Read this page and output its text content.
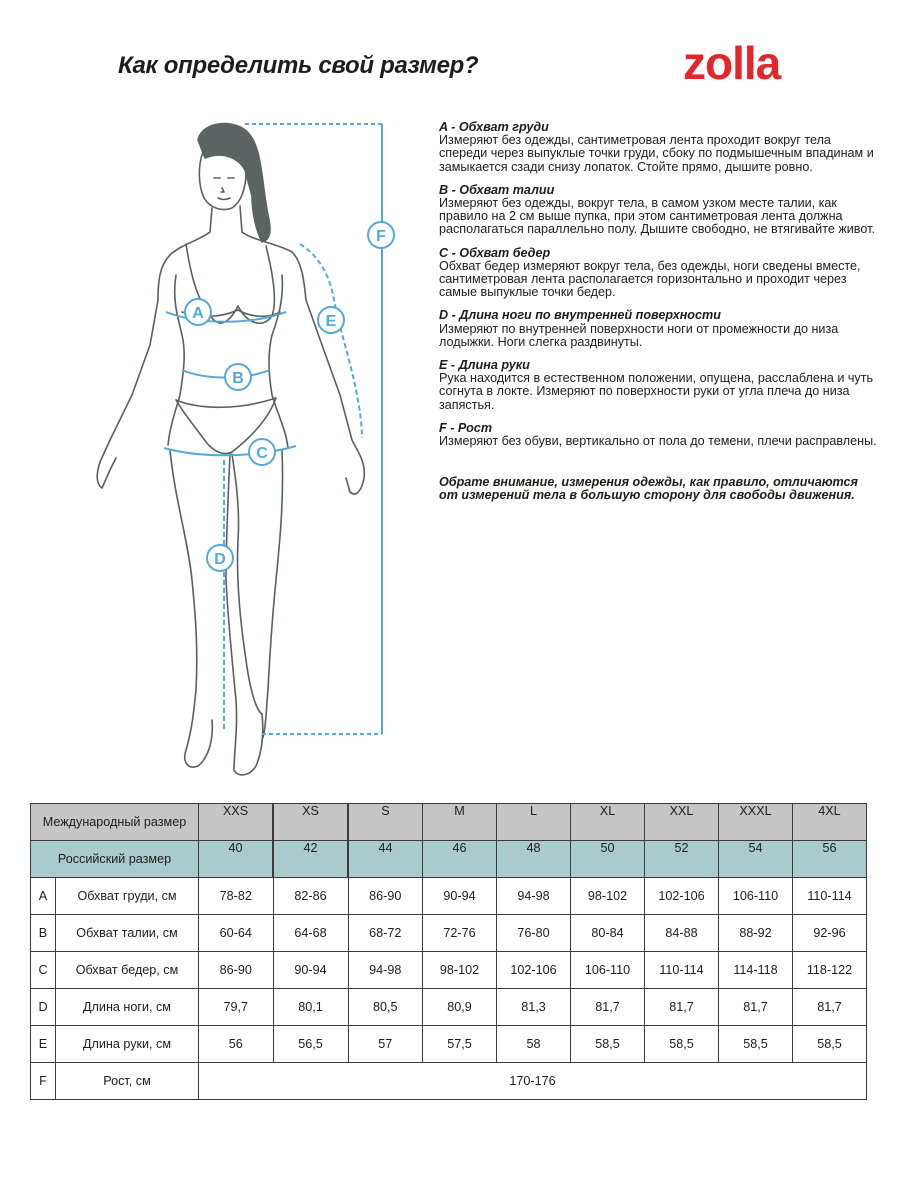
Как определить свой размер?	zolla
A
B
C
D
E
F
A - Обхват груди
Измеряют без одежды, сантиметровая лента проходит вокруг тела спереди через выпуклые точки груди, сбоку по подмышечным впадинам и замыкается сзади снизу лопаток. Стойте прямо, дышите ровно.
B - Обхват талии
Измеряют без одежды, вокруг тела, в самом узком месте талии, как правило на 2 см выше пупка, при этом сантиметровая лента должна располагаться параллельно полу. Дышите свободно, не втягивайте живот.
C - Обхват бедер
Обхват бедер измеряют вокруг тела, без одежды, ноги сведены вместе, сантиметровая лента располагается горизонтально и проходит через самые выпуклые точки бедер.
D - Длина ноги по внутренней поверхности
Измеряют по внутренней поверхности ноги от промежности до низа лодыжки. Ноги слегка раздвинуты.
E - Длина руки
Рука находится в естественном положении, опущена, расслаблена и чуть согнута в локте. Измеряют по поверхности руки от угла плеча до низа запястья.
F - Рост
Измеряют без обуви, вертикально от пола до темени, плечи расправлены.
Обрате внимание, измерения одежды, как правило, отличаются от измерений тела в большую сторону для свободы движения.
Международный размер		XXS	XS	S	M	L	XL	XXL	XXXL	4XL
Российский размер		40	42	44	46	48	50	52	54	56
A	Обхват груди, см	78-82	82-86	86-90	90-94	94-98	98-102	102-106	106-110	110-114
B	Обхват талии, см	60-64	64-68	68-72	72-76	76-80	80-84	84-88	88-92	92-96
C	Обхват бедер, см	86-90	90-94	94-98	98-102	102-106	106-110	110-114	114-118	118-122
D	Длина ноги, см	79,7	80,1	80,5	80,9	81,3	81,7	81,7	81,7	81,7
E	Длина руки, см	56	56,5	57	57,5	58	58,5	58,5	58,5	58,5
F	Рост, см	170-176								
